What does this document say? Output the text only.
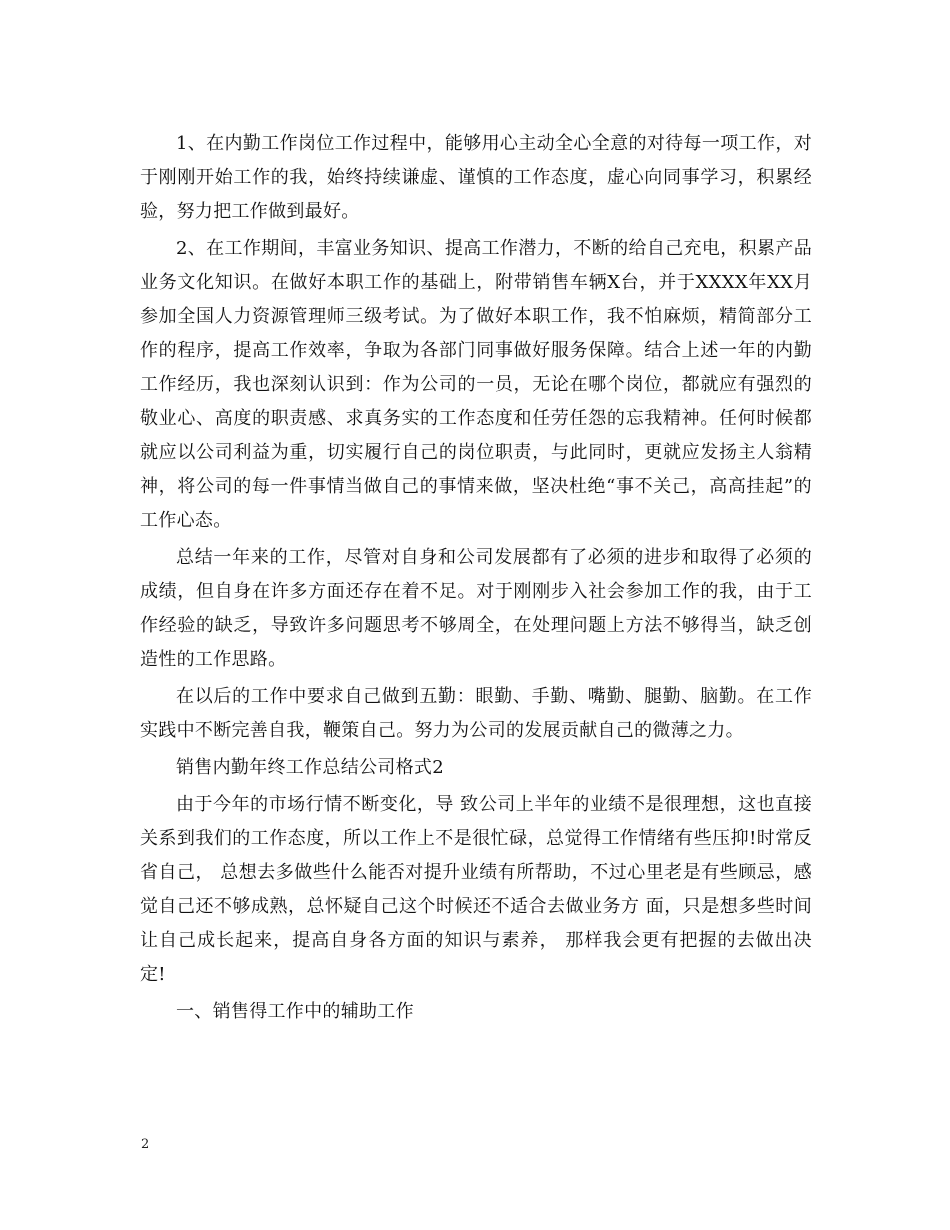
1、在内勤工作岗位工作过程中，能够用心主动全心全意的对待每一项工作，对于刚刚开始工作的我，始终持续谦虚、谨慎的工作态度，虚心向同事学习，积累经验，努力把工作做到最好。

2、在工作期间，丰富业务知识、提高工作潜力，不断的给自己充电，积累产品业务文化知识。在做好本职工作的基础上，附带销售车辆X台，并于XXXX年XX月参加全国人力资源管理师三级考试。为了做好本职工作，我不怕麻烦，精简部分工作的程序，提高工作效率，争取为各部门同事做好服务保障。结合上述一年的内勤工作经历，我也深刻认识到：作为公司的一员，无论在哪个岗位，都就应有强烈的敬业心、高度的职责感、求真务实的工作态度和任劳任怨的忘我精神。任何时候都就应以公司利益为重，切实履行自己的岗位职责，与此同时，更就应发扬主人翁精神，将公司的每一件事情当做自己的事情来做，坚决杜绝“事不关己，高高挂起”的工作心态。

总结一年来的工作，尽管对自身和公司发展都有了必须的进步和取得了必须的成绩，但自身在许多方面还存在着不足。对于刚刚步入社会参加工作的我，由于工作经验的缺乏，导致许多问题思考不够周全，在处理问题上方法不够得当，缺乏创造性的工作思路。

在以后的工作中要求自己做到五勤：眼勤、手勤、嘴勤、腿勤、脑勤。在工作实践中不断完善自我，鞭策自己。努力为公司的发展贡献自己的微薄之力。

销售内勤年终工作总结公司格式2

由于今年的市场行情不断变化，导 致公司上半年的业绩不是很理想，这也直接关系到我们的工作态度，所以工作上不是很忙碌，总觉得工作情绪有些压抑!时常反省自己， 总想去多做些什么能否对提升业绩有所帮助，不过心里老是有些顾忌，感觉自己还不够成熟，总怀疑自己这个时候还不适合去做业务方 面，只是想多些时间让自己成长起来，提高自身各方面的知识与素养， 那样我会更有把握的去做出决定!

一、销售得工作中的辅助工作

2
